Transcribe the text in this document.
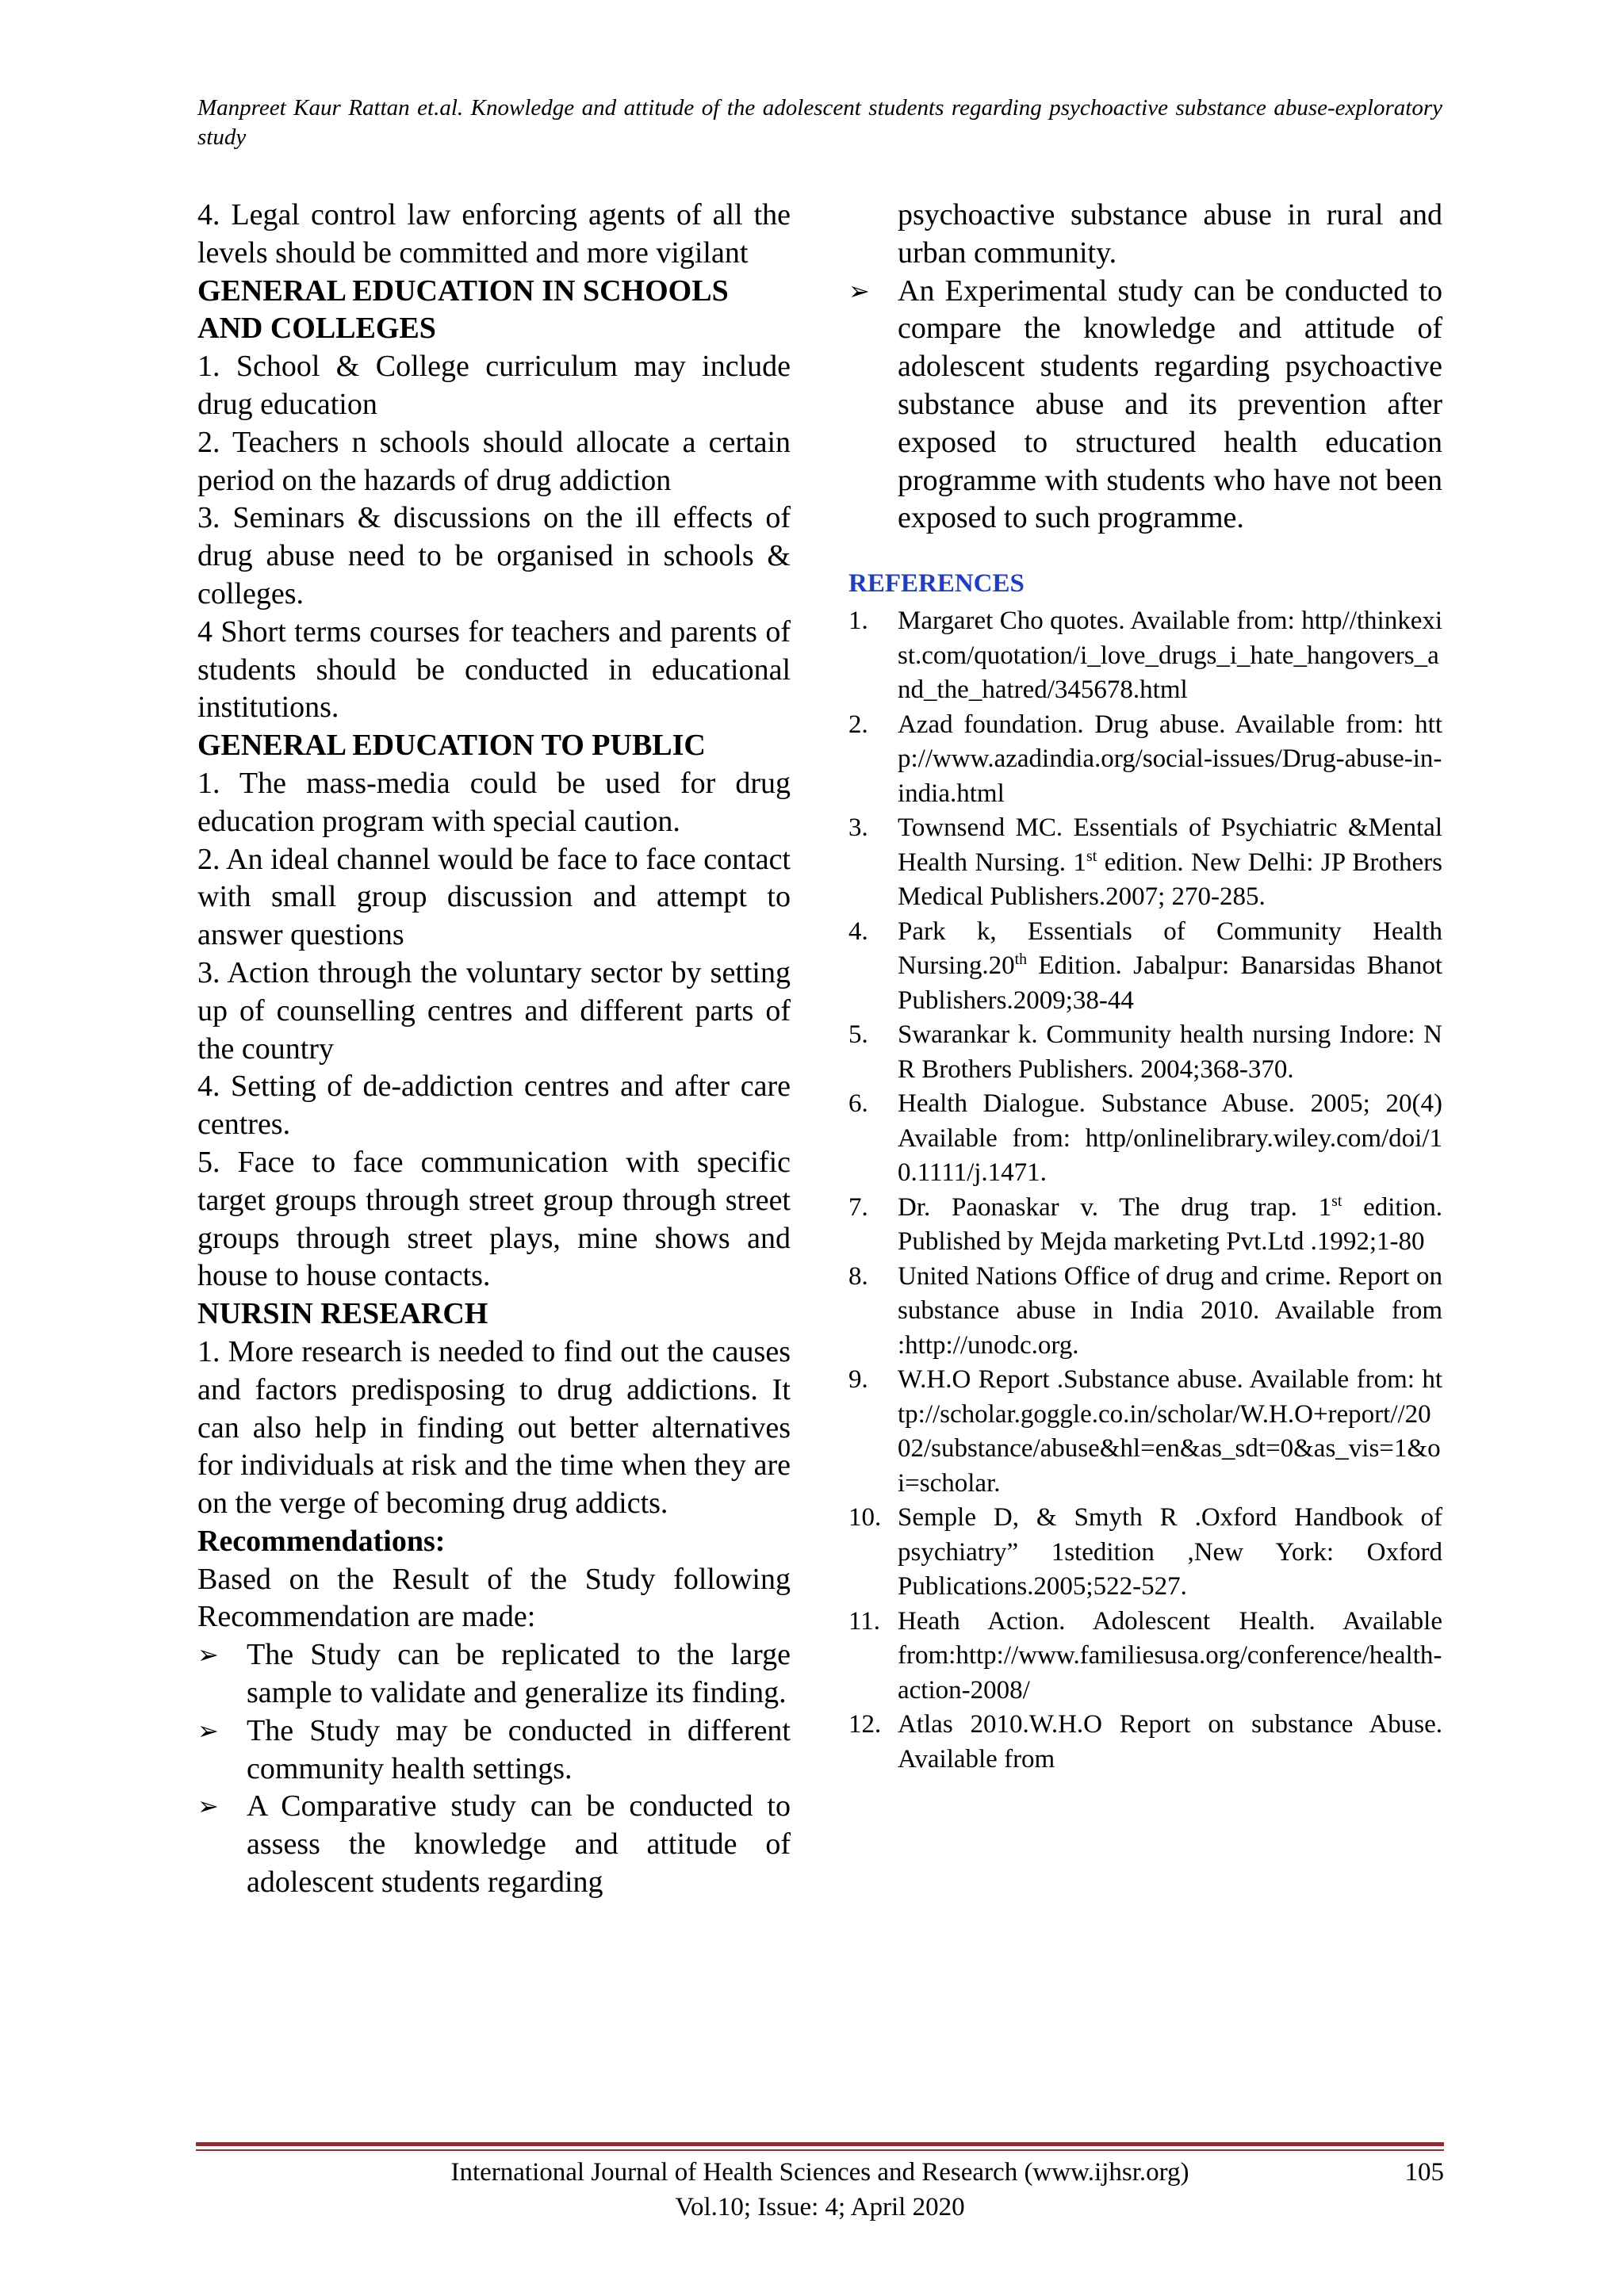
Manpreet Kaur Rattan et.al. Knowledge and attitude of the adolescent students regarding psychoactive substance abuse-exploratory study

4. Legal control law enforcing agents of all the levels should be committed and more vigilant

GENERAL EDUCATION IN SCHOOLS AND COLLEGES

1. School & College curriculum may include drug education

2. Teachers n schools should allocate a certain period on the hazards of drug addiction

3. Seminars & discussions on the ill effects of drug abuse need to be organised in schools & colleges.

4 Short terms courses for teachers and parents of students should be conducted in educational institutions.

GENERAL EDUCATION TO PUBLIC

1. The mass-media could be used for drug education program with special caution.

2. An ideal channel would be face to face contact with small group discussion and attempt to answer questions

3. Action through the voluntary sector by setting up of counselling centres and different parts of the country

4. Setting of de-addiction centres and after care centres.

5. Face to face communication with specific target groups through street group through street groups through street plays, mine shows and house to house contacts.

NURSIN RESEARCH

1. More research is needed to find out the causes and factors predisposing to drug addictions. It can also help in finding out better alternatives for individuals at risk and the time when they are on the verge of becoming drug addicts.

Recommendations:

Based on the Result of the Study following Recommendation are made:

➢ The Study can be replicated to the large sample to validate and generalize its finding.
➢ The Study may be conducted in different community health settings.
➢ A Comparative study can be conducted to assess the knowledge and attitude of adolescent students regarding

psychoactive substance abuse in rural and urban community.

➢ An Experimental study can be conducted to compare the knowledge and attitude of adolescent students regarding psychoactive substance abuse and its prevention after exposed to structured health education programme with students who have not been exposed to such programme.
REFERENCES
1. Margaret Cho quotes. Available from: http//thinkexist.com/quotation/i_love_drugs_i_hate_hangovers_and_the_hatred/345678.html
2. Azad foundation. Drug abuse. Available from: http://www.azadindia.org/social-issues/Drug-abuse-in-india.html
3. Townsend MC. Essentials of Psychiatric &Mental Health Nursing. 1st edition. New Delhi: JP Brothers Medical Publishers.2007; 270-285.
4. Park k, Essentials of Community Health Nursing.20th Edition. Jabalpur: Banarsidas Bhanot Publishers.2009;38-44
5. Swarankar k. Community health nursing Indore: N R Brothers Publishers. 2004;368-370.
6. Health Dialogue. Substance Abuse. 2005; 20(4) Available from: http/onlinelibrary.wiley.com/doi/10.1111/j.1471.
7. Dr. Paonaskar v. The drug trap. 1st edition. Published by Mejda marketing Pvt.Ltd .1992;1-80
8. United Nations Office of drug and crime. Report on substance abuse in India 2010. Available from :http://unodc.org.
9. W.H.O Report .Substance abuse. Available from: http://scholar.goggle.co.in/scholar/W.H.O+report//2002/substance/abuse&hl=en&as_sdt=0&as_vis=1&oi=scholar.
10. Semple D, & Smyth R .Oxford Handbook of psychiatry” 1stedition ,New York: Oxford Publications.2005;522-527.
11. Heath Action. Adolescent Health. Available from:http://www.familiesusa.org/conference/health-action-2008/
12. Atlas 2010.W.H.O Report on substance Abuse. Available from
International Journal of Health Sciences and Research (www.ijhsr.org)
Vol.10; Issue: 4; April 2020
105
